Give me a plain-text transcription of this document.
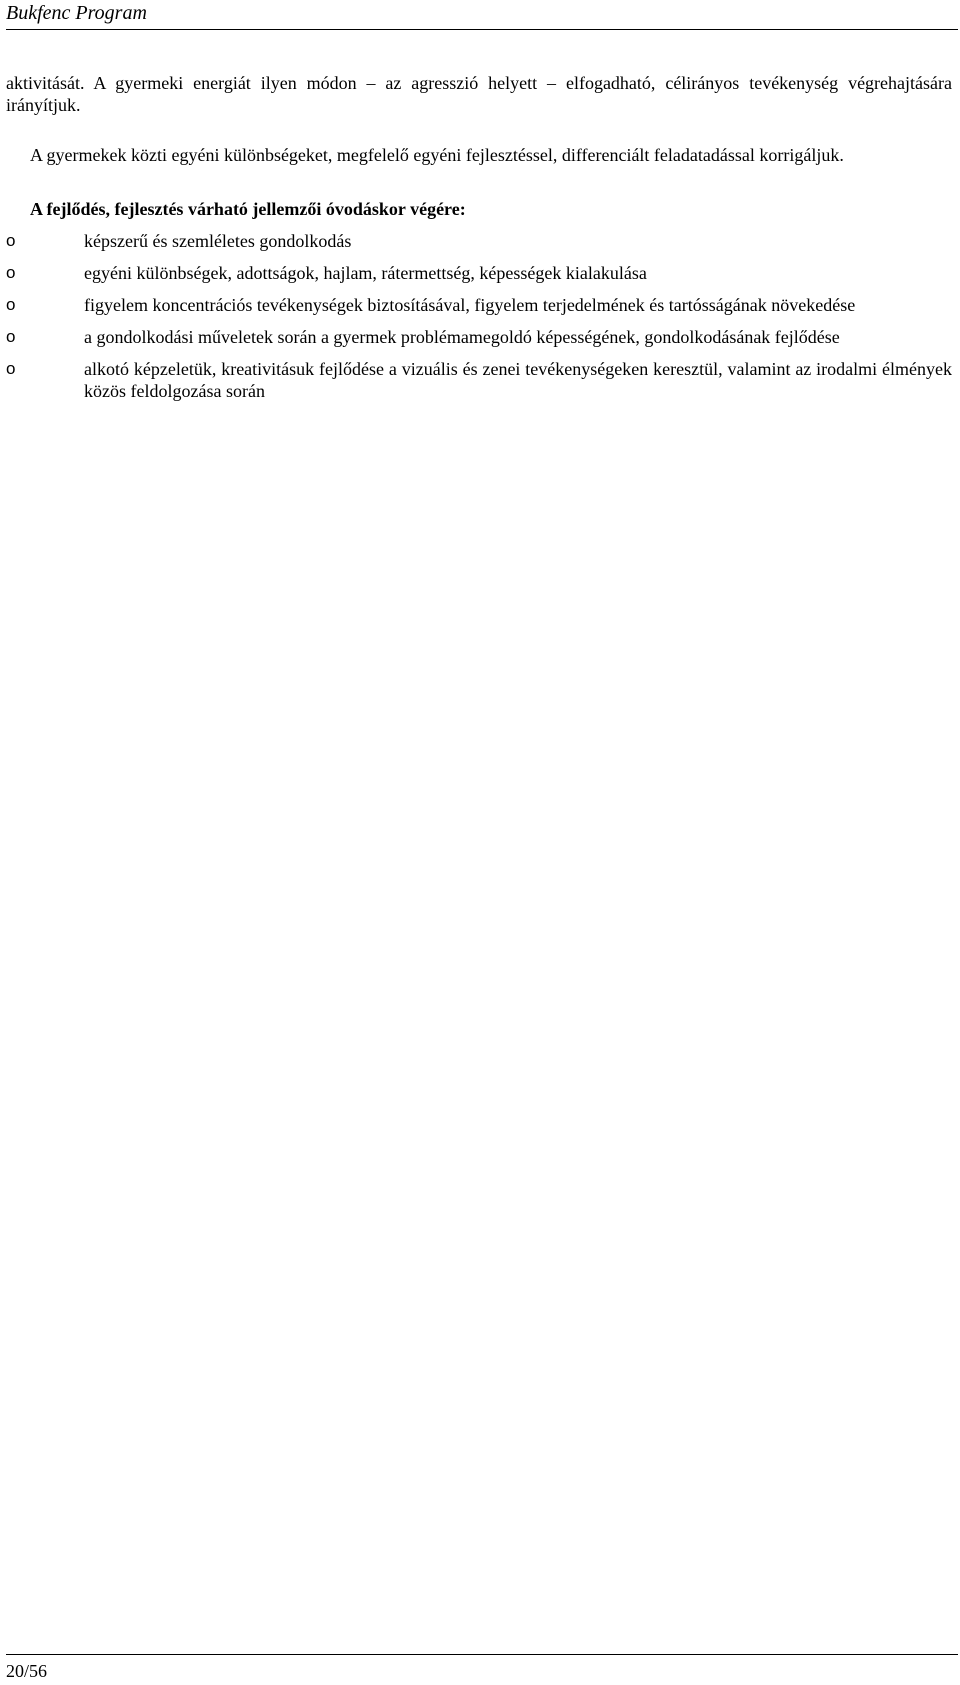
Bukfenc Program

aktivitását. A gyermeki energiát ilyen módon – az agresszió helyett – elfogadható, célirányos tevékenység végrehajtására irányítjuk.

A gyermekek közti egyéni különbségeket, megfelelő egyéni fejlesztéssel, differenciált feladatadással korrigáljuk.

A fejlődés, fejlesztés várható jellemzői óvodáskor végére:
o	képszerű és szemléletes gondolkodás
o	egyéni különbségek, adottságok, hajlam, rátermettség, képességek kialakulása
o	figyelem koncentrációs tevékenységek biztosításával, figyelem terjedelmének és tartósságának növekedése
o	a gondolkodási műveletek során a gyermek problémamegoldó képességének, gondolkodásának fejlődése
o	alkotó képzeletük, kreativitásuk fejlődése a vizuális és zenei tevékenységeken keresztül, valamint az irodalmi élmények közös feldolgozása során
20/56
